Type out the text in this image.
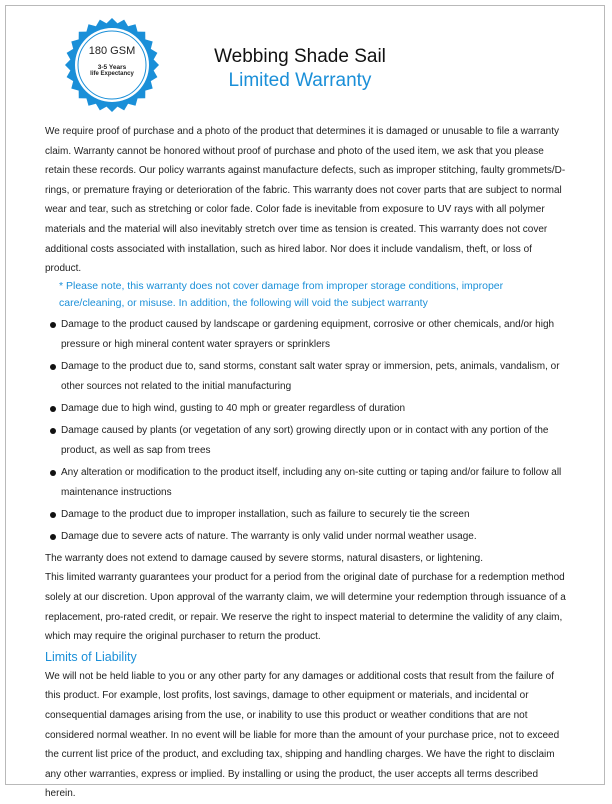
180 GSM
3-5 Years
life Expectancy

Webbing Shade Sail

Limited Warranty

We require proof of purchase and a photo of the product that determines it is damaged or unusable to file a warranty claim. Warranty cannot be honored without proof of purchase and photo of the used item, we ask that you please retain these records. Our policy warrants against manufacture defects, such as improper stitching, faulty grommets/D-rings, or premature fraying or deterioration of the fabric. This warranty does not cover parts that are subject to normal wear and tear, such as stretching or color fade. Color fade is inevitable from exposure to UV rays with all polymer materials and the material will also inevitably stretch over time as tension is created. This warranty does not cover additional costs associated with installation, such as hired labor. Nor does it include vandalism, theft, or loss of product.

* Please note, this warranty does not cover damage from improper storage conditions, improper care/cleaning, or misuse. In addition, the following will void the subject warranty

Damage to the product caused by landscape or gardening equipment, corrosive or other chemicals, and/or high pressure or high mineral content water sprayers or sprinklers
Damage to the product due to, sand storms, constant salt water spray or immersion, pets, animals, vandalism, or other sources not related to the initial manufacturing
Damage due to high wind, gusting to 40 mph or greater regardless of duration
Damage caused by plants (or vegetation of any sort) growing directly upon or in contact with any portion of the product, as well as sap from trees
Any alteration or modification to the product itself, including any on-site cutting or taping and/or failure to follow all maintenance instructions
Damage to the product due to improper installation, such as failure to securely tie the screen
Damage due to severe acts of nature. The warranty is only valid under normal weather usage.

The warranty does not extend to damage caused by severe storms, natural disasters, or lightening.

This limited warranty guarantees your product for a period from the original date of purchase for a redemption method solely at our discretion. Upon approval of the warranty claim, we will determine your redemption through issuance of a replacement, pro-rated credit, or repair. We reserve the right to inspect material to determine the validity of any claim, which may require the original purchaser to return the product.

Limits of Liability

We will not be held liable to you or any other party for any damages or additional costs that result from the failure of this product. For example, lost profits, lost savings, damage to other equipment or materials, and incidental or consequential damages arising from the use, or inability to use this product or weather conditions that are not considered normal weather. In no event will be liable for more than the amount of your purchase price, not to exceed the current list price of the product, and excluding tax, shipping and handling charges. We have the right to disclaim any other warranties, express or implied. By installing or using the product, the user accepts all terms described herein.
